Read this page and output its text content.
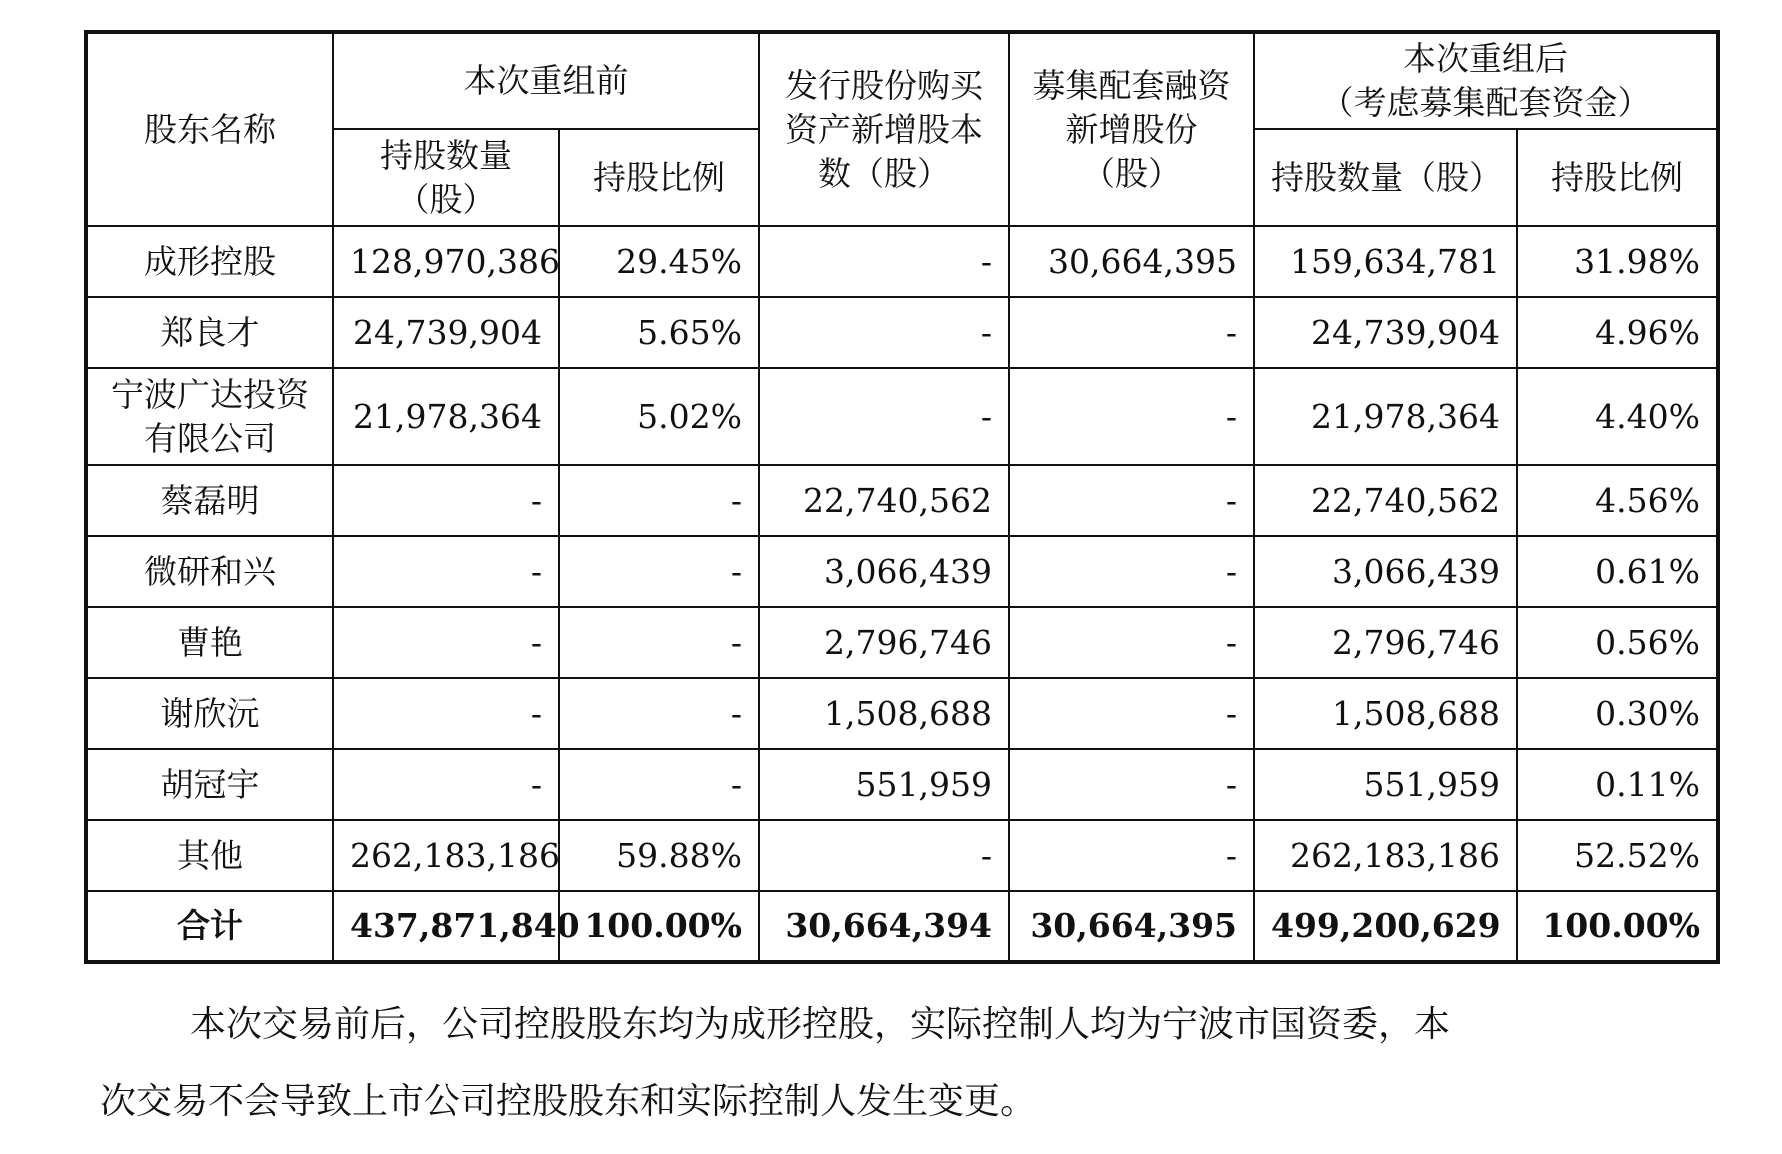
股东名称	本次重组前		发行股份购买资产新增股本数（股）	募集配套融资新增股份（股）	本次重组后
（考虑募集配套资金）	
	持股数量（股）	持股比例			持股数量（股）	持股比例
成形控股	128,970,386	29.45%	-	30,664,395	159,634,781	31.98%
郑良才	24,739,904	5.65%	-	-	24,739,904	4.96%
宁波广达投资有限公司	21,978,364	5.02%	-	-	21,978,364	4.40%
蔡磊明	-	-	22,740,562	-	22,740,562	4.56%
微研和兴	-	-	3,066,439	-	3,066,439	0.61%
曹艳	-	-	2,796,746	-	2,796,746	0.56%
谢欣沅	-	-	1,508,688	-	1,508,688	0.30%
胡冠宇	-	-	551,959	-	551,959	0.11%
其他	262,183,186	59.88%	-	-	262,183,186	52.52%
合计	437,871,840	100.00%	30,664,394	30,664,395	499,200,629	100.00%
本次交易前后，公司控股股东均为成形控股，实际控制人均为宁波市国资委，本
次交易不会导致上市公司控股股东和实际控制人发生变更。
